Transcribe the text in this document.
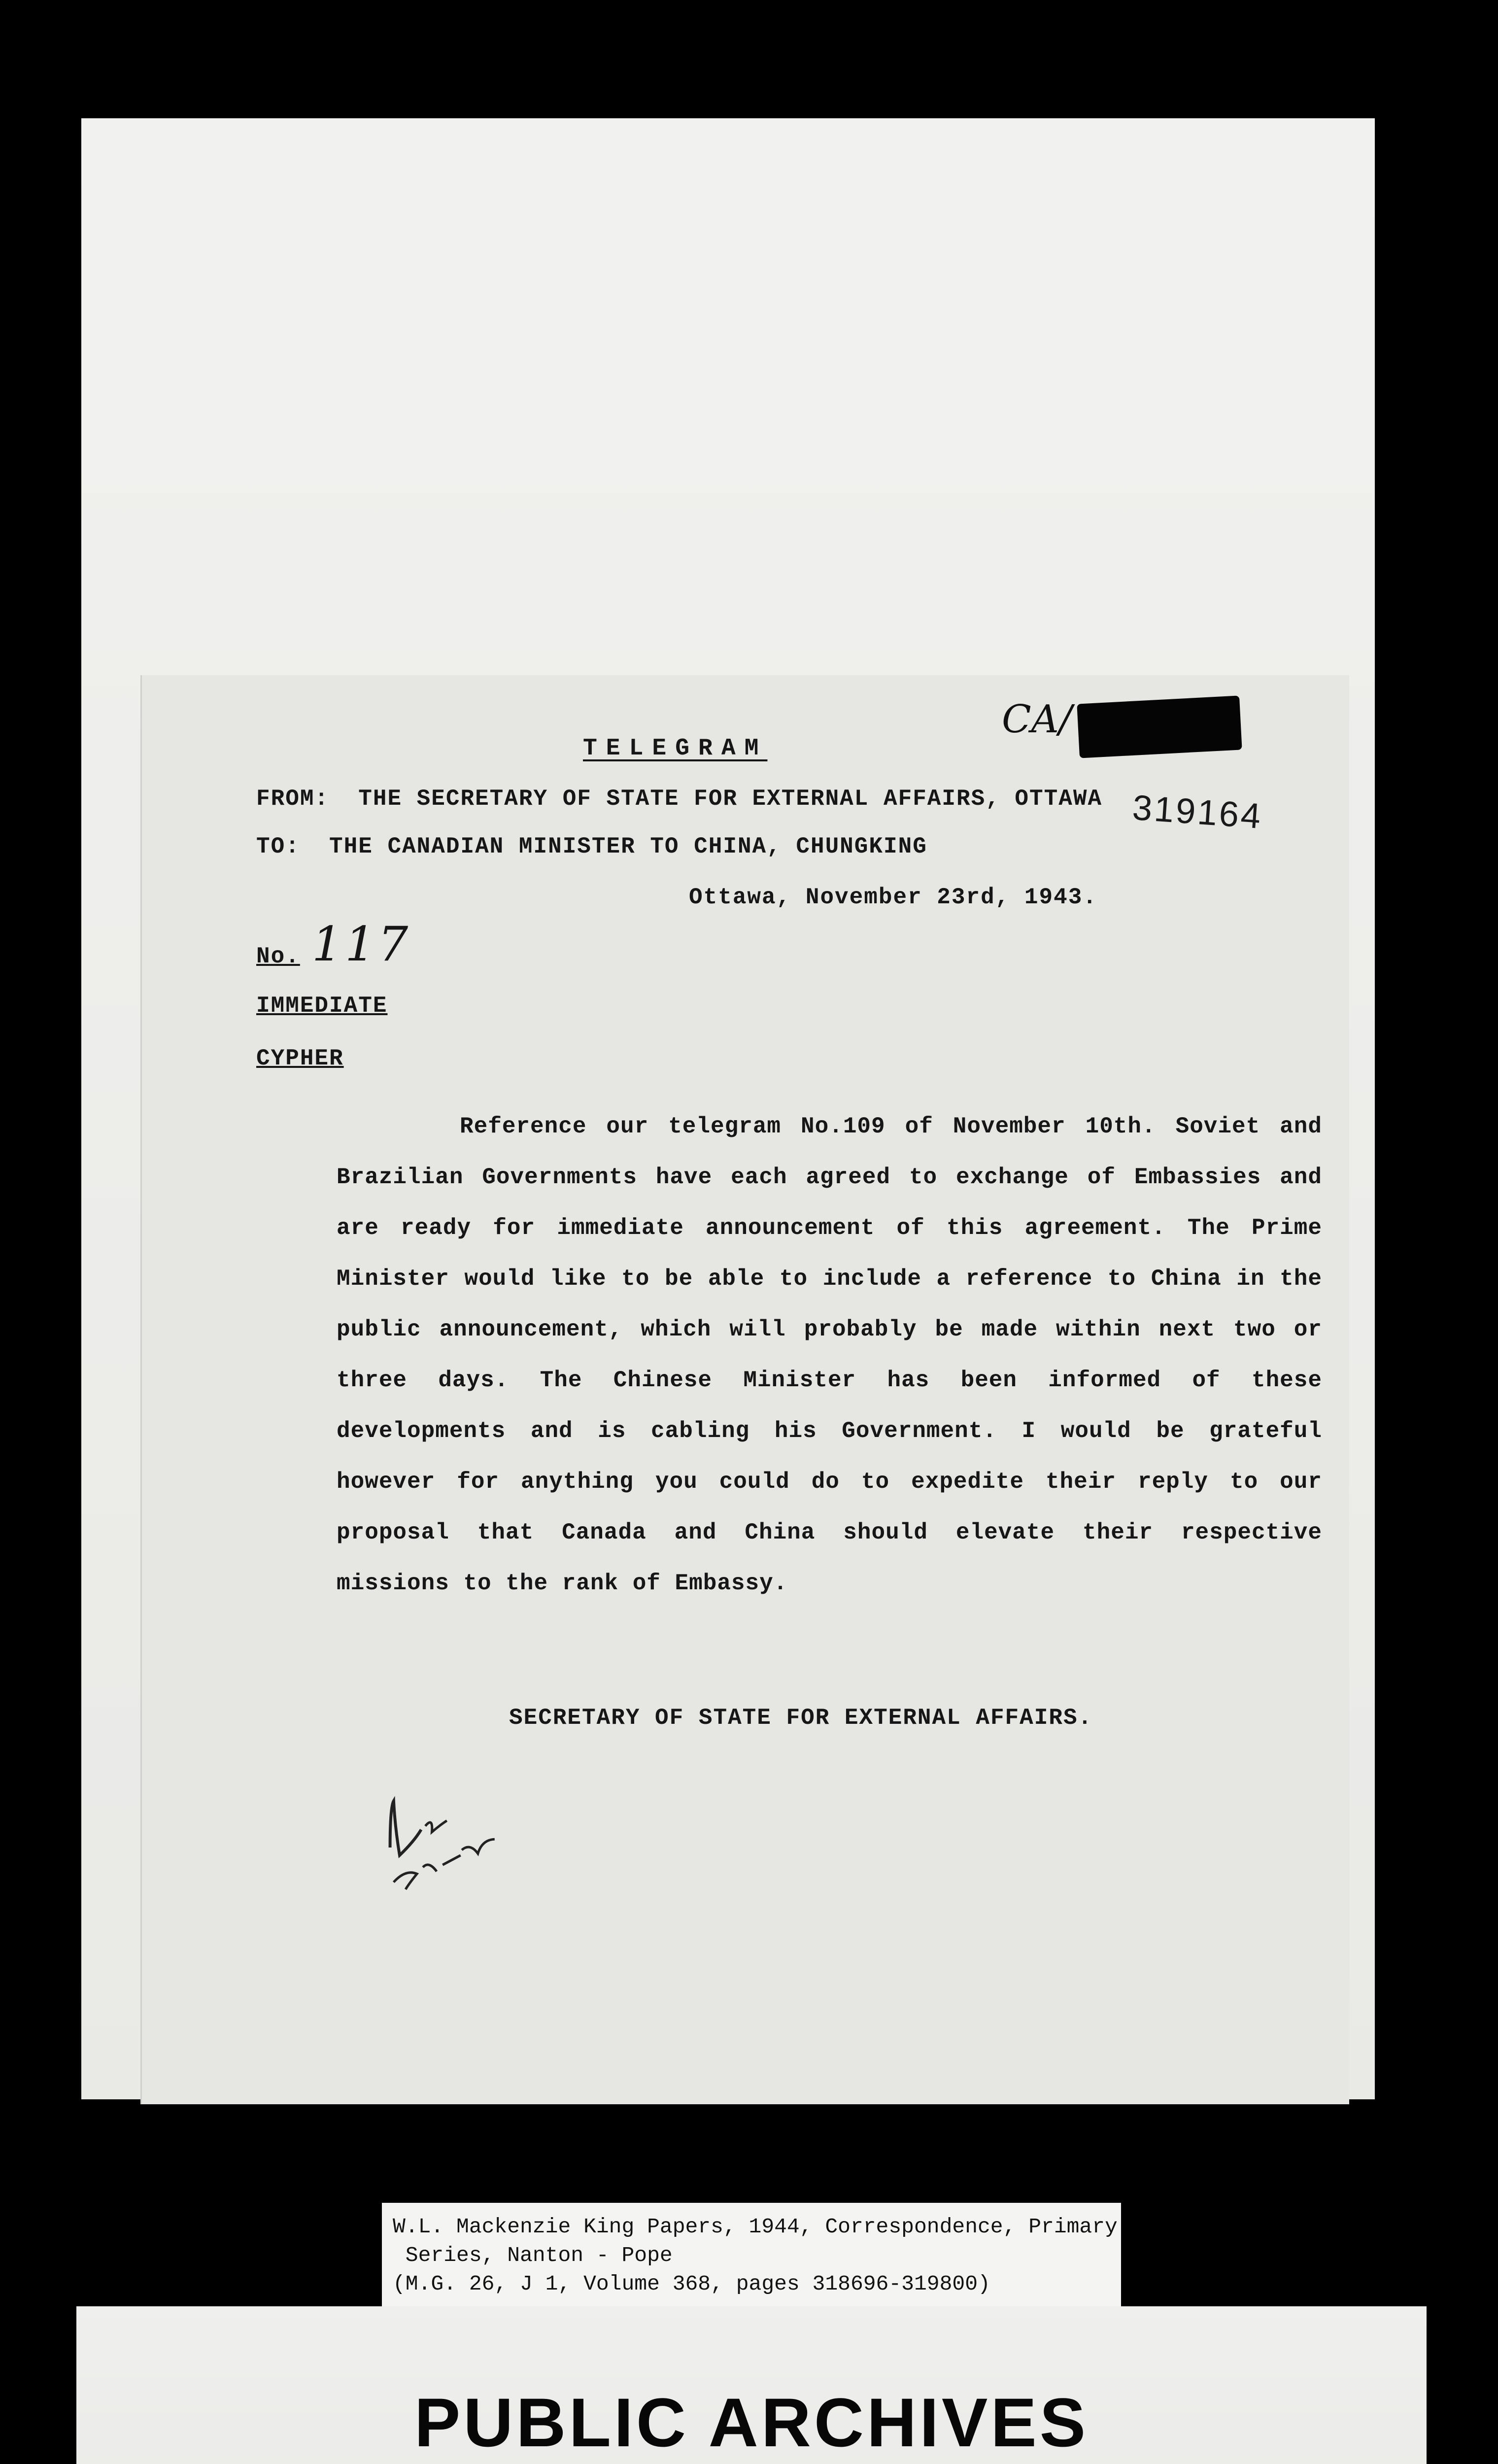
CA/
319164
TELEGRAM
FROM:  THE SECRETARY OF STATE FOR EXTERNAL AFFAIRS, OTTAWA
TO:  THE CANADIAN MINISTER TO CHINA, CHUNGKING
Ottawa, November 23rd, 1943.
No. 117
IMMEDIATE
CYPHER
Reference our telegram No.109 of November 10th. Soviet and Brazilian Governments have each agreed to exchange of Embassies and are ready for immediate announcement of this agreement. The Prime Minister would like to be able to include a reference to China in the public announcement, which will probably be made within next two or three days. The Chinese Minister has been informed of these developments and is cabling his Government. I would be grateful however for anything you could do to expedite their reply to our proposal that Canada and China should elevate their respective missions to the rank of Embassy.
SECRETARY OF STATE FOR EXTERNAL AFFAIRS.
W.L. Mackenzie King Papers, 1944, Correspondence, Primary
Series, Nanton - Pope
(M.G. 26, J 1, Volume 368, pages 318696-319800)
PUBLIC ARCHIVES
